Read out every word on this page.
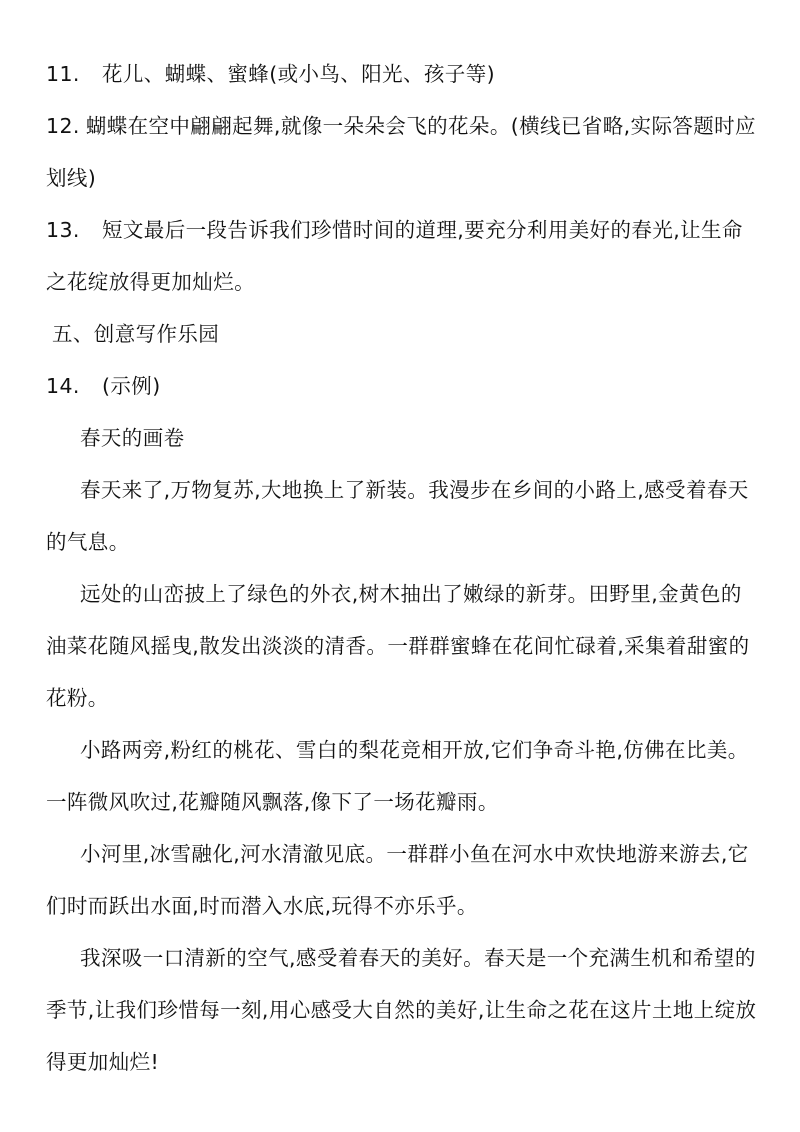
11. 花儿、蝴蝶、蜜蜂(或小鸟、阳光、孩子等)

12. 蝴蝶在空中翩翩起舞,就像一朵朵会飞的花朵。(横线已省略,实际答题时应划线)

13. 短文最后一段告诉我们珍惜时间的道理,要充分利用美好的春光,让生命之花绽放得更加灿烂。

五、创意写作乐园

14. (示例)

春天的画卷

春天来了,万物复苏,大地换上了新装。我漫步在乡间的小路上,感受着春天的气息。

远处的山峦披上了绿色的外衣,树木抽出了嫩绿的新芽。田野里,金黄色的油菜花随风摇曳,散发出淡淡的清香。一群群蜜蜂在花间忙碌着,采集着甜蜜的花粉。

小路两旁,粉红的桃花、雪白的梨花竞相开放,它们争奇斗艳,仿佛在比美。一阵微风吹过,花瓣随风飘落,像下了一场花瓣雨。

小河里,冰雪融化,河水清澈见底。一群群小鱼在河水中欢快地游来游去,它们时而跃出水面,时而潜入水底,玩得不亦乐乎。

我深吸一口清新的空气,感受着春天的美好。春天是一个充满生机和希望的季节,让我们珍惜每一刻,用心感受大自然的美好,让生命之花在这片土地上绽放得更加灿烂!
